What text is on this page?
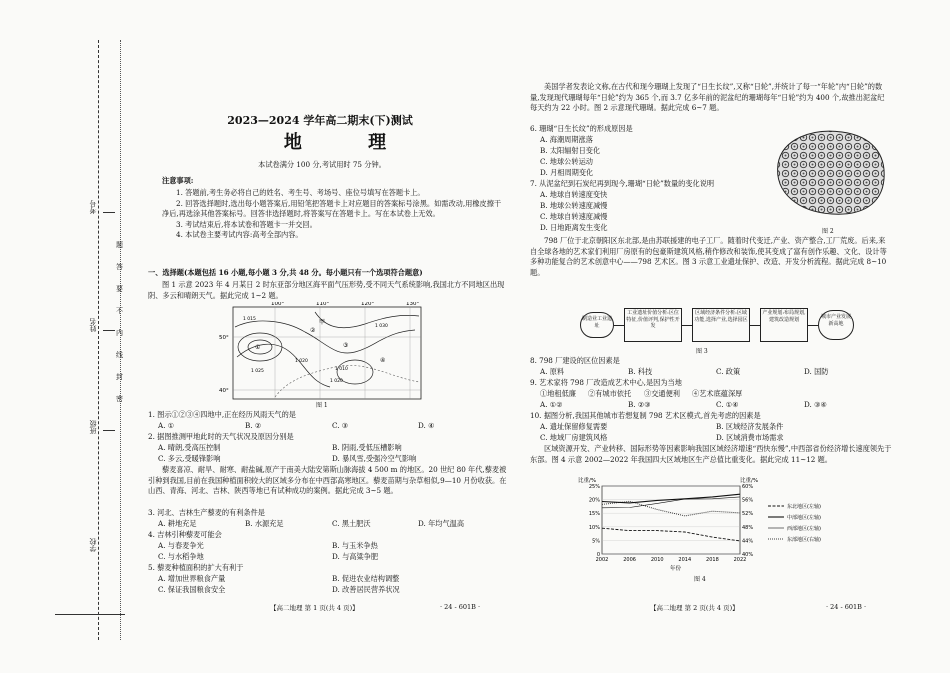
考号
姓名
班级
学校
题
答
要
不
内
线
封
密
2023—2024 学年高二期末(下)测试
地 理
本试卷满分 100 分,考试用时 75 分钟。
注意事项:
1. 答题前,考生务必将自己的姓名、考生号、考场号、座位号填写在答题卡上。
2. 回答选择题时,选出每小题答案后,用铅笔把答题卡上对应题目的答案标号涂黑。如需改动,用橡皮擦干净后,再选涂其他答案标号。回答非选择题时,将答案写在答题卡上。写在本试卷上无效。
3. 考试结束后,将本试卷和答题卡一并交回。
4. 本试卷主要考试内容:高考全部内容。
一、选择题(本题包括 16 小题,每小题 3 分,共 48 分。每小题只有一个选项符合题意)
图 1 示意 2023 年 4 月某日 2 时东亚部分地区海平面气压形势,受不同天气系统影响,我国北方不同地区出现阴、多云和晴朗天气。据此完成 1~2 题。
100°	110°	120°	130°
50°
40°
1 015
1 020
1 025	1 010
1 020
1 030
①
②
③
④
甲
图 1
1. 图示①②③④四地中,正在经历风雨天气的是
A. ①	B. ②	C. ③	D. ④
2. 据图推测甲地此时的天气状况及原因分别是
A. 晴朗,受高压控制	B. 阴雨,受低压槽影响
C. 多云,受暖锋影响	D. 暴风雪,受强冷空气影响
藜麦喜凉、耐旱、耐寒、耐盐碱,原产于南美大陆安第斯山脉海拔 4 500 m 的地区。20 世纪 80 年代,藜麦被引种到我国,目前在我国种植面积较大的区域多分布在中西部高寒地区。藜麦苗期与杂草相似,9—10 月份收获。在山西、青海、河北、吉林、陕西等地已有试种成功的案例。据此完成 3~5 题。
3. 河北、吉林生产藜麦的有利条件是
A. 耕地充足	B. 水源充足	C. 黑土肥沃	D. 年均气温高
4. 吉林引种藜麦可能会
A. 与春麦争光	B. 与玉米争热
C. 与水稻争地	D. 与高粱争肥
5. 藜麦种植面积的扩大有利于
A. 增加世界粮食产量	B. 促进农业结构调整
C. 保证我国粮食安全	D. 改善居民营养状况
【高二地理 第 1 页(共 4 页)】	· 24 - 601B ·
美国学者发表论文称,在古代和现今珊瑚上发现了“日生长纹”,又称“日轮”,并统计了每一“年轮”内“日轮”的数量,发现现代珊瑚每年“日轮”约为 365 个,而 3.7 亿多年前的泥盆纪的珊瑚每年“日轮”约为 400 个,故推出泥盆纪每天约为 22 小时。图 2 示意现代珊瑚。据此完成 6~7 题。
6. 珊瑚“日生长纹”的形成原因是
A. 海潮周期涨落
B. 太阳辐射日变化
C. 地球公转运动
D. 月相周期变化
7. 从泥盆纪到石炭纪再到现今,珊瑚“日轮”数量的变化说明
A. 地球自转速度变快
B. 地球公转速度减慢
C. 地球自转速度减慢
D. 日地距离发生变化	图 2
798 厂位于北京朝阳区东北部,是由苏联援建的电子工厂。随着时代变迁,产业、资产整合,工厂荒废。后来,来自全球各地的艺术家们利用厂房原有的包豪斯建筑风格,稍作修改和装饰,使其变成了富有创作乐趣、文化、设计等多种功能复合的艺术创意中心——798 艺术区。图 3 示意工业遗址保护、改造、开发分析流程。据此完成 8~10 题。
制造业工业遗址
工业遗址价值分析:区位特征,价值评判,保护性开发
区域经济条件分析:区域功能,选择产业,选择园区
产业规划:布局规划,建筑改造规划	城市产业发展新高地
图 3
8. 798 厂建设的区位因素是
A. 原料	B. 科技	C. 政策	D. 国防
9. 艺术家将 798 厂改造成艺术中心,是因为当地
①地租低廉 ②有城市依托 ③交通便利 ④艺术底蕴深厚
A. ①②	B. ②③	C. ①④	D. ③④
10. 据图分析,我国其他城市若想复制 798 艺术区模式,首先考虑的因素是
A. 遗址保留修复需要	B. 区域经济发展条件
C. 地域厂房建筑风格	D. 区域消费市场需求
区域资源开发、产业转移、国际形势等因素影响我国区域经济增速“西快东慢”,中西部省份经济增长速度领先于东部。图 4 示意 2002—2022 年我国四大区域地区生产总值比重变化。据此完成 11~12 题。
比重/%	比重/%
年份
25%
20%
15%
10%
5%
0
60%
56%
52%
48%
44%
40%
2002	2006	2010	2014	2018	2022
东北地区(左轴)
中部地区(左轴)
西部地区(左轴)
东部地区(右轴)
图 4
【高二地理 第 2 页(共 4 页)】	· 24 - 601B ·
